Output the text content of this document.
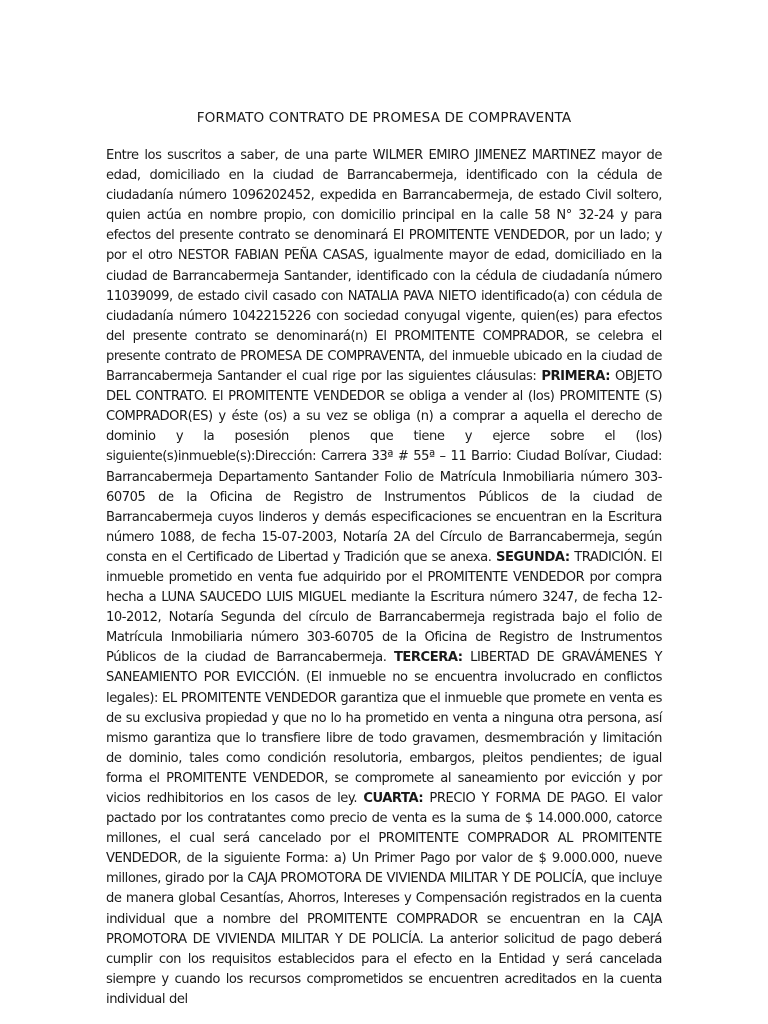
FORMATO CONTRATO DE PROMESA DE COMPRAVENTA

Entre los suscritos a saber, de una parte WILMER EMIRO JIMENEZ MARTINEZ mayor de edad, domiciliado en la ciudad de Barrancabermeja, identificado con la cédula de ciudadanía número 1096202452, expedida en Barrancabermeja, de estado Civil soltero, quien actúa en nombre propio, con domicilio principal en la calle 58 N° 32-24 y para efectos del presente contrato se denominará El PROMITENTE VENDEDOR, por un lado; y por el otro NESTOR FABIAN PEÑA CASAS, igualmente mayor de edad, domiciliado en la ciudad de Barrancabermeja Santander, identificado con la cédula de ciudadanía número 11039099, de estado civil casado con NATALIA PAVA NIETO identificado(a) con cédula de ciudadanía número 1042215226 con sociedad conyugal vigente, quien(es) para efectos del presente contrato se denominará(n) El PROMITENTE COMPRADOR, se celebra el presente contrato de PROMESA DE COMPRAVENTA, del inmueble ubicado en la ciudad de Barrancabermeja Santander el cual rige por las siguientes cláusulas: PRIMERA: OBJETO DEL CONTRATO. El PROMITENTE VENDEDOR se obliga a vender al (los) PROMITENTE (S) COMPRADOR(ES) y éste (os) a su vez se obliga (n) a comprar a aquella el derecho de dominio y la posesión plenos que tiene y ejerce sobre el (los) siguiente(s)inmueble(s):Dirección: Carrera 33ª # 55ª – 11 Barrio: Ciudad Bolívar, Ciudad: Barrancabermeja Departamento Santander Folio de Matrícula Inmobiliaria número 303-60705 de la Oficina de Registro de Instrumentos Públicos de la ciudad de Barrancabermeja cuyos linderos y demás especificaciones se encuentran en la Escritura número 1088, de fecha 15-07-2003, Notaría 2A del Círculo de Barrancabermeja, según consta en el Certificado de Libertad y Tradición que se anexa. SEGUNDA: TRADICIÓN. El inmueble prometido en venta fue adquirido por el PROMITENTE VENDEDOR por compra hecha a LUNA SAUCEDO LUIS MIGUEL mediante la Escritura número 3247, de fecha 12-10-2012, Notaría Segunda del círculo de Barrancabermeja registrada bajo el folio de Matrícula Inmobiliaria número 303-60705 de la Oficina de Registro de Instrumentos Públicos de la ciudad de Barrancabermeja. TERCERA: LIBERTAD DE GRAVÁMENES Y SANEAMIENTO POR EVICCIÓN. (El inmueble no se encuentra involucrado en conflictos legales): EL PROMITENTE VENDEDOR garantiza que el inmueble que promete en venta es de su exclusiva propiedad y que no lo ha prometido en venta a ninguna otra persona, así mismo garantiza que lo transfiere libre de todo gravamen, desmembración y limitación de dominio, tales como condición resolutoria, embargos, pleitos pendientes; de igual forma el PROMITENTE VENDEDOR, se compromete al saneamiento por evicción y por vicios redhibitorios en los casos de ley. CUARTA: PRECIO Y FORMA DE PAGO. El valor pactado por los contratantes como precio de venta es la suma de $ 14.000.000, catorce millones, el cual será cancelado por el PROMITENTE COMPRADOR AL PROMITENTE VENDEDOR, de la siguiente Forma: a) Un Primer Pago por valor de $ 9.000.000, nueve millones, girado por la CAJA PROMOTORA DE VIVIENDA MILITAR Y DE POLICÍA, que incluye de manera global Cesantías, Ahorros, Intereses y Compensación registrados en la cuenta individual que a nombre del PROMITENTE COMPRADOR se encuentran en la CAJA PROMOTORA DE VIVIENDA MILITAR Y DE POLICÍA. La anterior solicitud de pago deberá cumplir con los requisitos establecidos para el efecto en la Entidad y será cancelada siempre y cuando los recursos comprometidos se encuentren acreditados en la cuenta individual del
